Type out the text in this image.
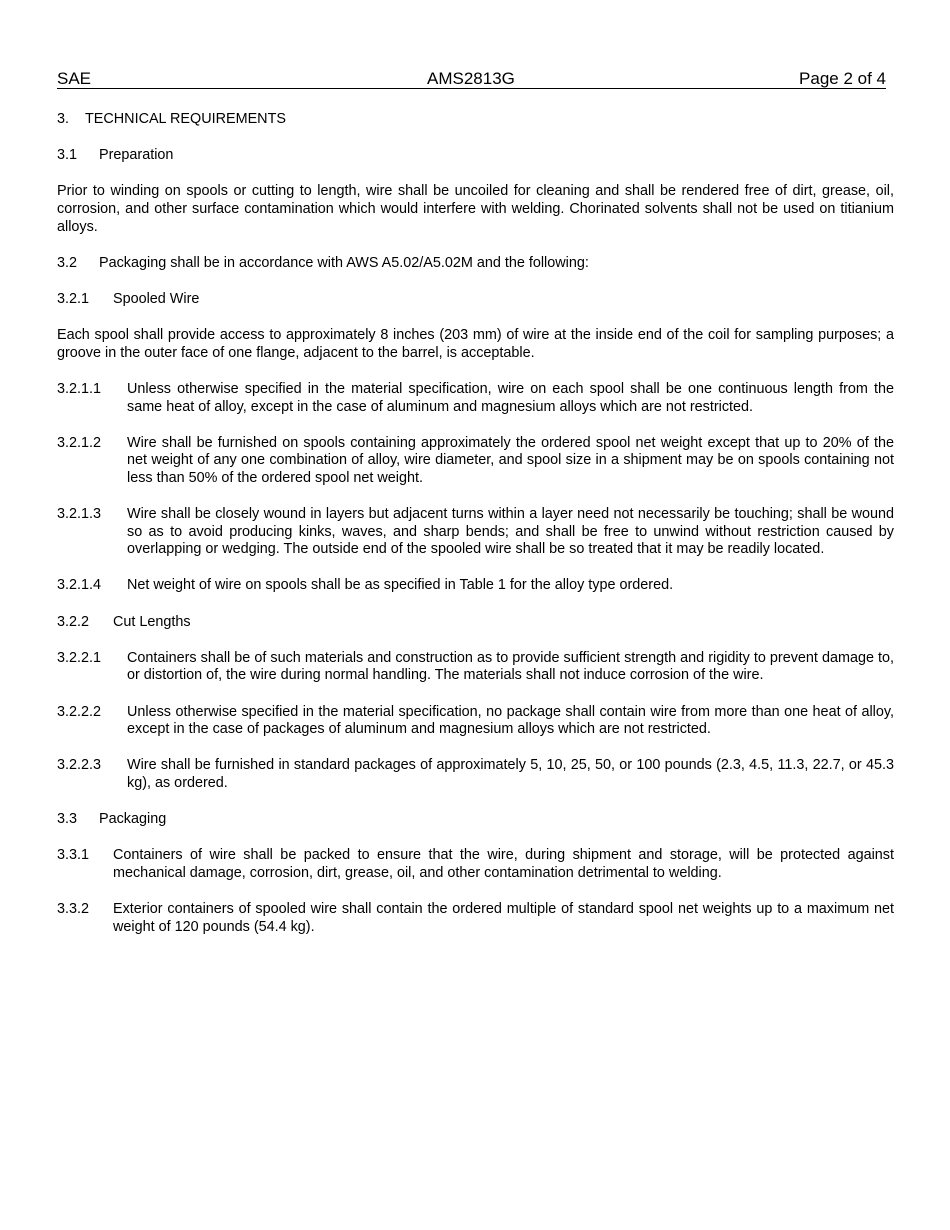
SAE	AMS2813G	Page 2 of 4
3.	TECHNICAL REQUIREMENTS
3.1	Preparation

Prior to winding on spools or cutting to length, wire shall be uncoiled for cleaning and shall be rendered free of dirt, grease, oil, corrosion, and other surface contamination which would interfere with welding. Chorinated solvents shall not be used on titianium alloys.

3.2	Packaging shall be in accordance with AWS A5.02/A5.02M and the following:
3.2.1	Spooled Wire

Each spool shall provide access to approximately 8 inches (203 mm) of wire at the inside end of the coil for sampling purposes; a groove in the outer face of one flange, adjacent to the barrel, is acceptable.

3.2.1.1	Unless otherwise specified in the material specification, wire on each spool shall be one continuous length from the same heat of alloy, except in the case of aluminum and magnesium alloys which are not restricted.
3.2.1.2	Wire shall be furnished on spools containing approximately the ordered spool net weight except that up to 20% of the net weight of any one combination of alloy, wire diameter, and spool size in a shipment may be on spools containing not less than 50% of the ordered spool net weight.
3.2.1.3	Wire shall be closely wound in layers but adjacent turns within a layer need not necessarily be touching; shall be wound so as to avoid producing kinks, waves, and sharp bends; and shall be free to unwind without restriction caused by overlapping or wedging. The outside end of the spooled wire shall be so treated that it may be readily located.
3.2.1.4	Net weight of wire on spools shall be as specified in Table 1 for the alloy type ordered.
3.2.2	Cut Lengths
3.2.2.1	Containers shall be of such materials and construction as to provide sufficient strength and rigidity to prevent damage to, or distortion of, the wire during normal handling. The materials shall not induce corrosion of the wire.
3.2.2.2	Unless otherwise specified in the material specification, no package shall contain wire from more than one heat of alloy, except in the case of packages of aluminum and magnesium alloys which are not restricted.
3.2.2.3	Wire shall be furnished in standard packages of approximately 5, 10, 25, 50, or 100 pounds (2.3, 4.5, 11.3, 22.7, or 45.3 kg), as ordered.
3.3	Packaging
3.3.1	Containers of wire shall be packed to ensure that the wire, during shipment and storage, will be protected against mechanical damage, corrosion, dirt, grease, oil, and other contamination detrimental to welding.
3.3.2	Exterior containers of spooled wire shall contain the ordered multiple of standard spool net weights up to a maximum net weight of 120 pounds (54.4 kg).
